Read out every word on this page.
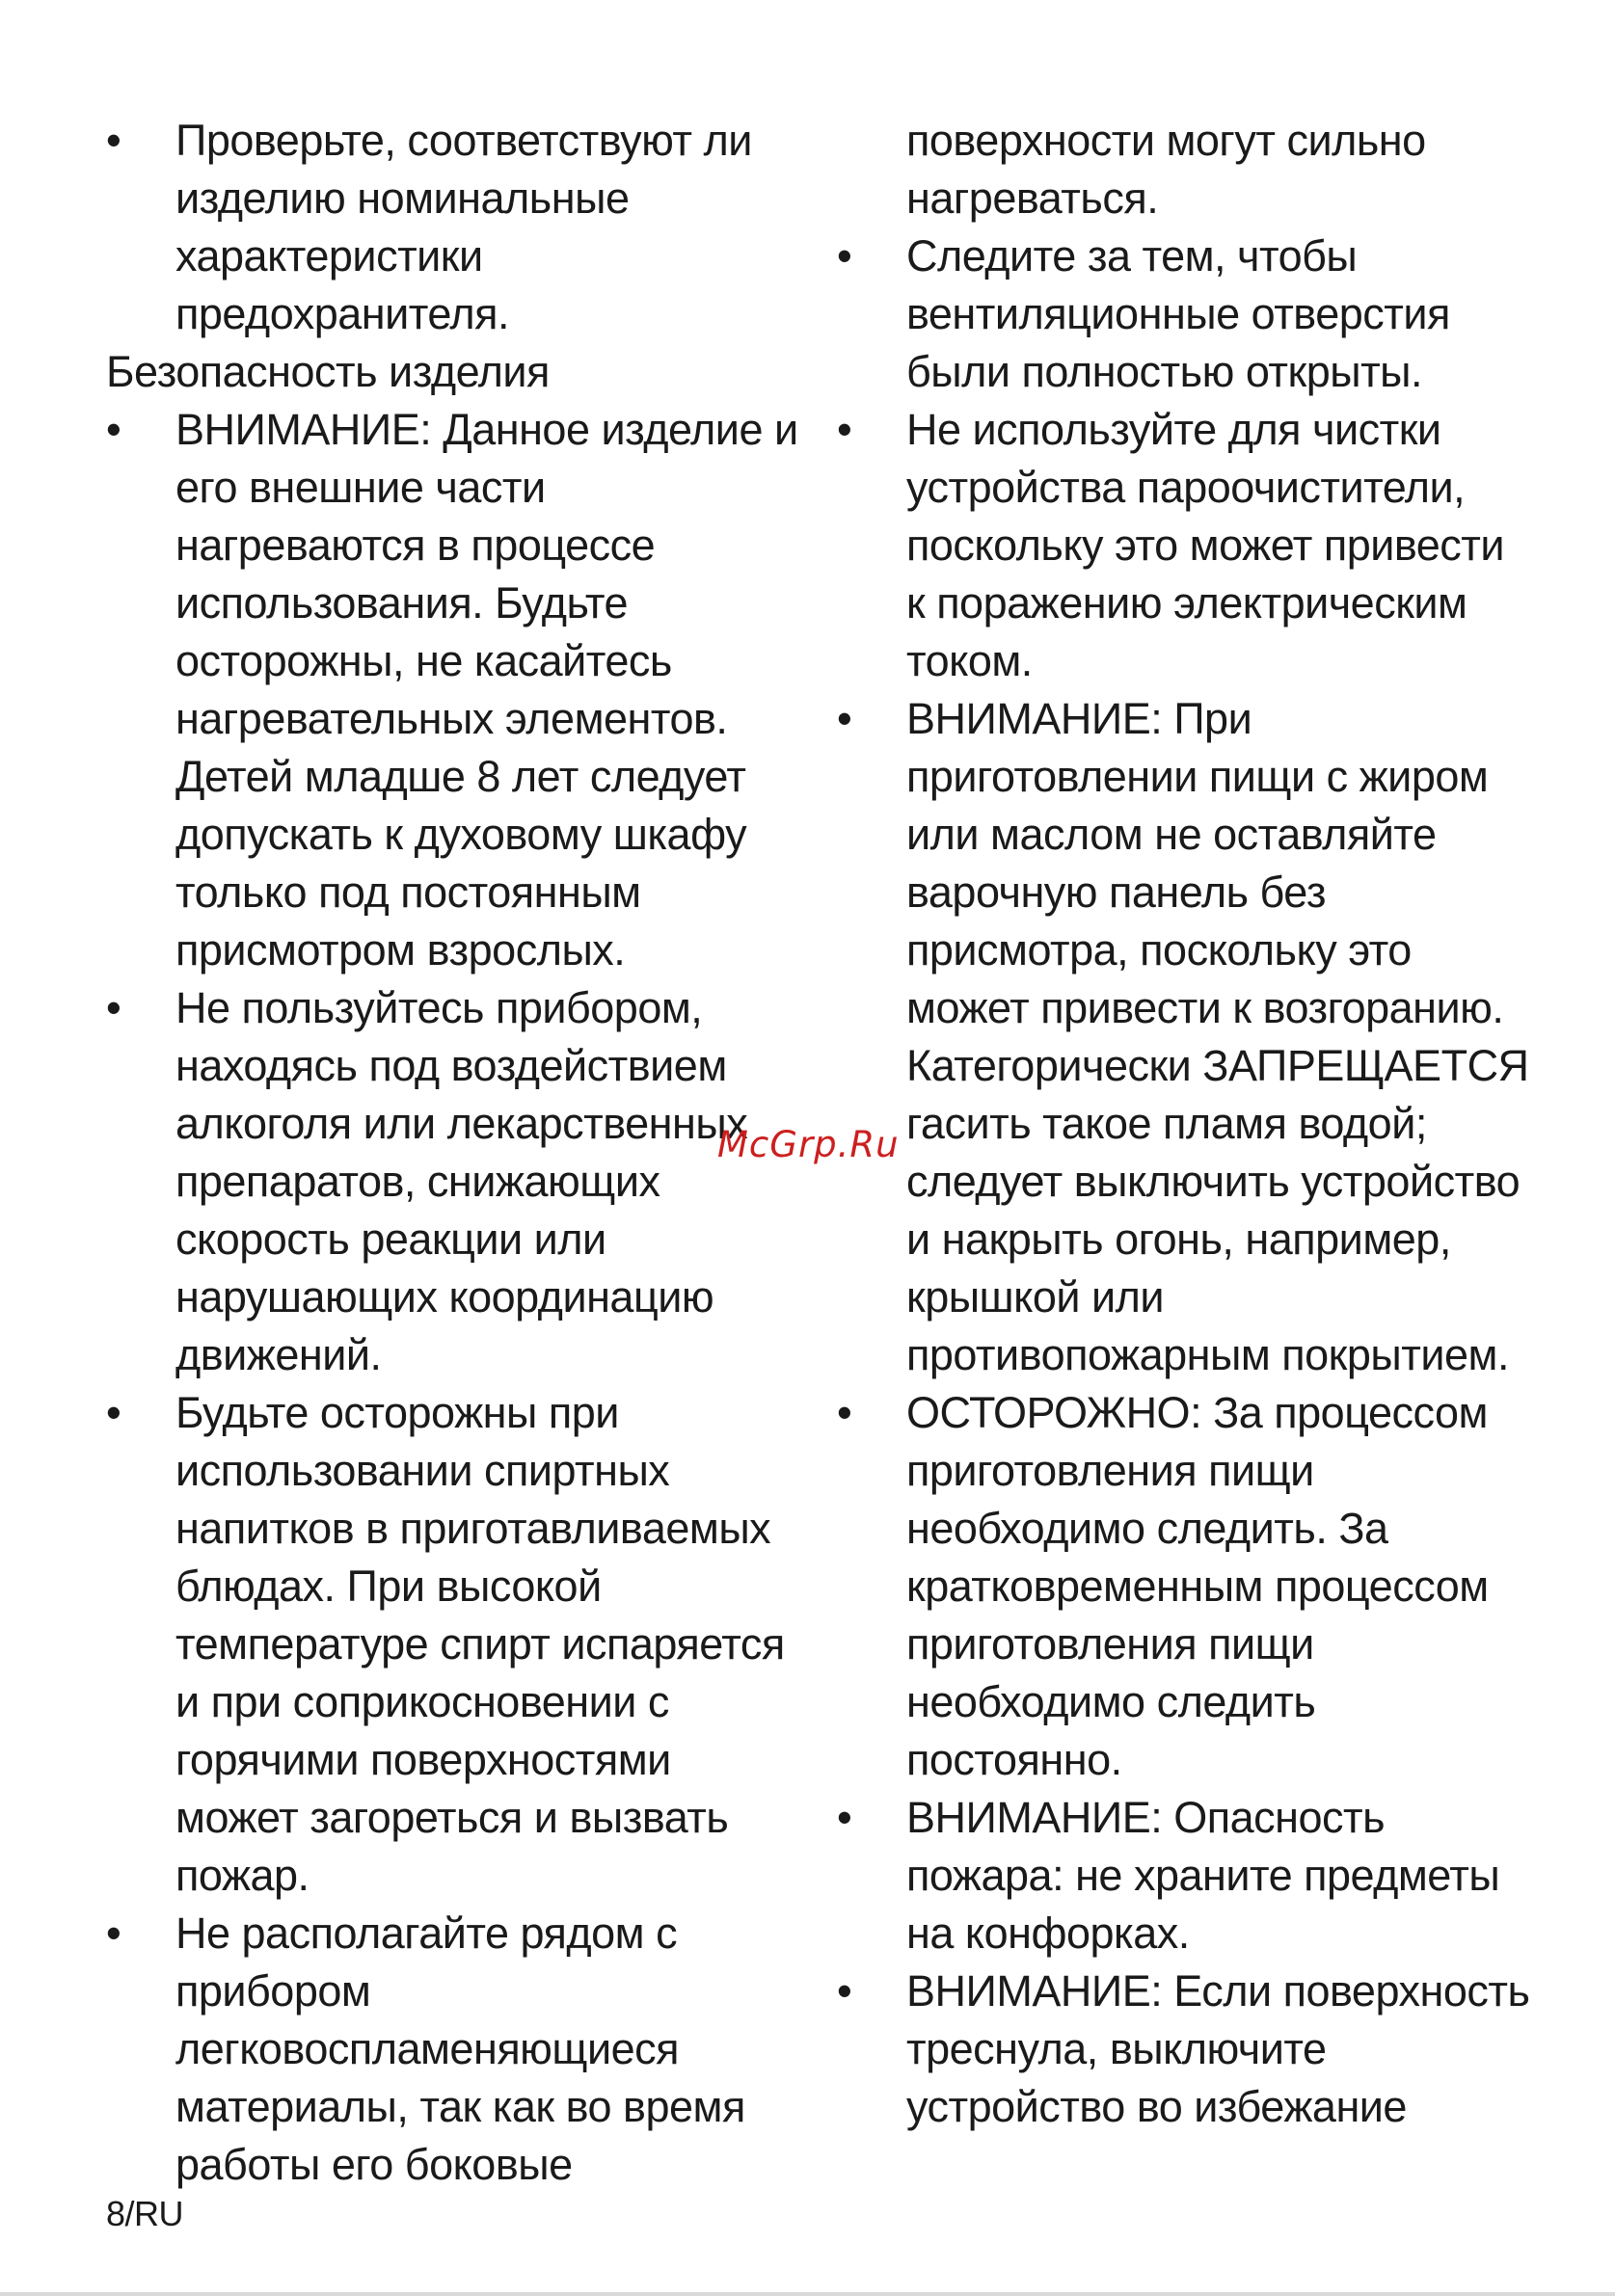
•	Проверьте, соответствуют ли изделию номинальные характеристики предохранителя.

Безопасность изделия

•	ВНИМАНИЕ: Данное изделие и его внешние части нагреваются в процессе использования. Будьте осторожны, не касайтесь нагревательных элементов. Детей младше 8 лет следует допускать к духовому шкафу только под постоянным присмотром взрослых.
•	Не пользуйтесь прибором, находясь под воздействием алкоголя или лекарственных препаратов, снижающих скорость реакции или нарушающих координацию движений.
•	Будьте осторожны при использовании спиртных напитков в приготавливаемых блюдах. При высокой температуре спирт испаряется и при соприкосновении с горячими поверхностями может загореться и вызвать пожар.
•	Не располагайте рядом с прибором легковоспламеняющиеся материалы, так как во время работы его боковые

поверхности могут сильно нагреваться.

•	Следите за тем, чтобы вентиляционные отверстия были полностью открыты.
•	Не используйте для чистки устройства пароочистители, поскольку это может привести к поражению электрическим током.
•	ВНИМАНИЕ: При приготовлении пищи с жиром или маслом не оставляйте варочную панель без присмотра, поскольку это может привести к возгоранию. Категорически ЗАПРЕЩАЕТСЯ гасить такое пламя водой; следует выключить устройство и накрыть огонь, например, крышкой или противопожарным покрытием.
•	ОСТОРОЖНО: За процессом приготовления пищи необходимо следить. За кратковременным процессом приготовления пищи необходимо следить постоянно.
•	ВНИМАНИЕ: Опасность пожара: не храните предметы на конфорках.
•	ВНИМАНИЕ: Если поверхность треснула, выключите устройство во избежание
McGrp.Ru
8/RU
